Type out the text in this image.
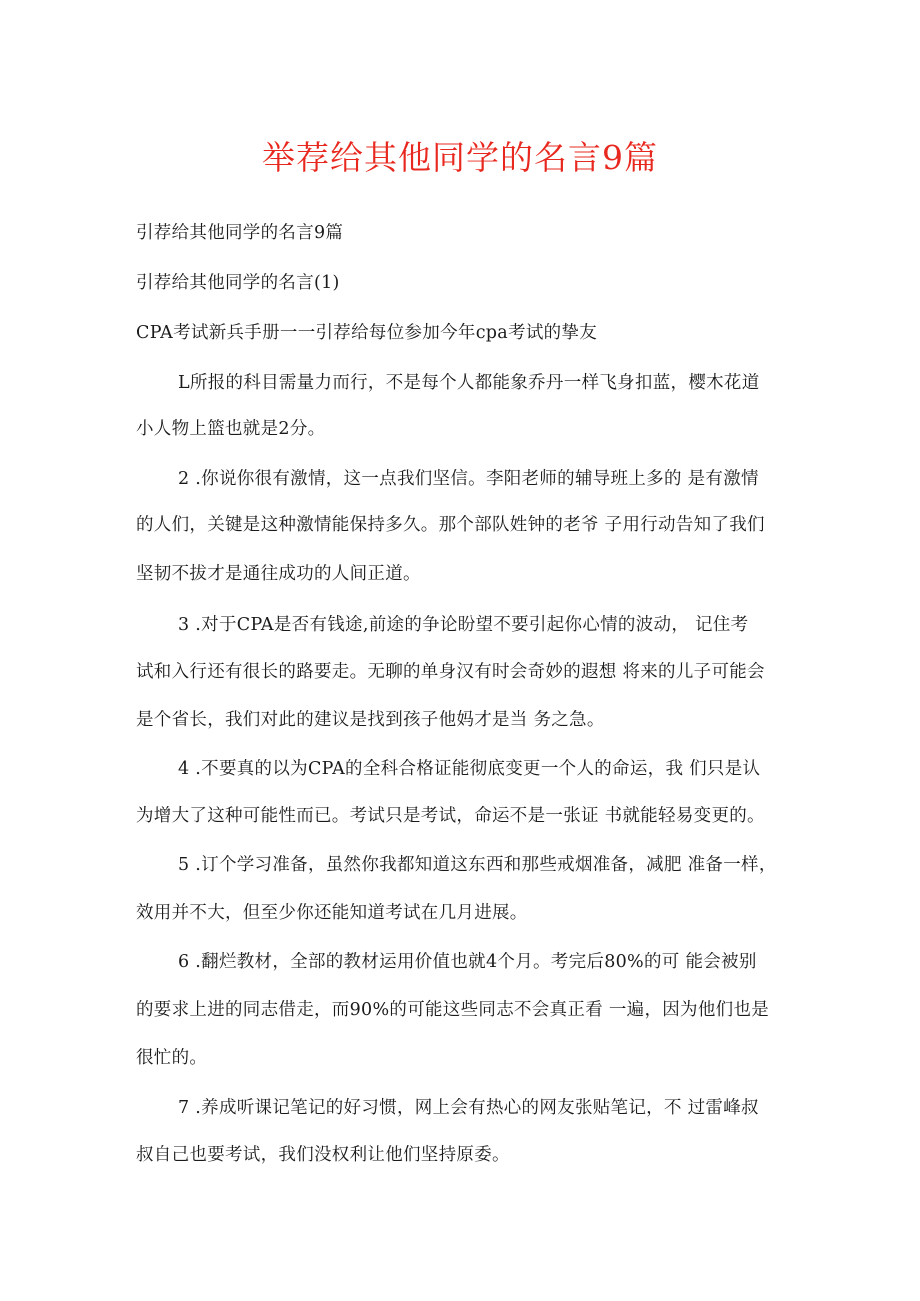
举荐给其他同学的名言9篇
引荐给其他同学的名言9篇
引荐给其他同学的名言(1)
CPA考试新兵手册一一引荐给每位参加今年cpa考试的挚友
L所报的科目需量力而行，不是每个人都能象乔丹一样飞身扣蓝，樱木花道
小人物上篮也就是2分。
2 .你说你很有激情，这一点我们坚信。李阳老师的辅导班上多的 是有激情
的人们，关键是这种激情能保持多久。那个部队姓钟的老爷 子用行动告知了我们
坚韧不拔才是通往成功的人间正道。
3 .对于CPA是否有钱途,前途的争论盼望不要引起你心情的波动， 记住考
试和入行还有很长的路要走。无聊的单身汉有时会奇妙的遐想 将来的儿子可能会
是个省长，我们对此的建议是找到孩子他妈才是当 务之急。
4 .不要真的以为CPA的全科合格证能彻底变更一个人的命运，我 们只是认
为增大了这种可能性而已。考试只是考试，命运不是一张证 书就能轻易变更的。
5 .订个学习准备，虽然你我都知道这东西和那些戒烟准备，减肥 准备一样，
效用并不大，但至少你还能知道考试在几月进展。
6 .翻烂教材，全部的教材运用价值也就4个月。考完后80%的可 能会被别
的要求上进的同志借走，而90%的可能这些同志不会真正看 一遍，因为他们也是
很忙的。
7 .养成听课记笔记的好习惯，网上会有热心的网友张贴笔记，不 过雷峰叔
叔自己也要考试，我们没权利让他们坚持原委。
